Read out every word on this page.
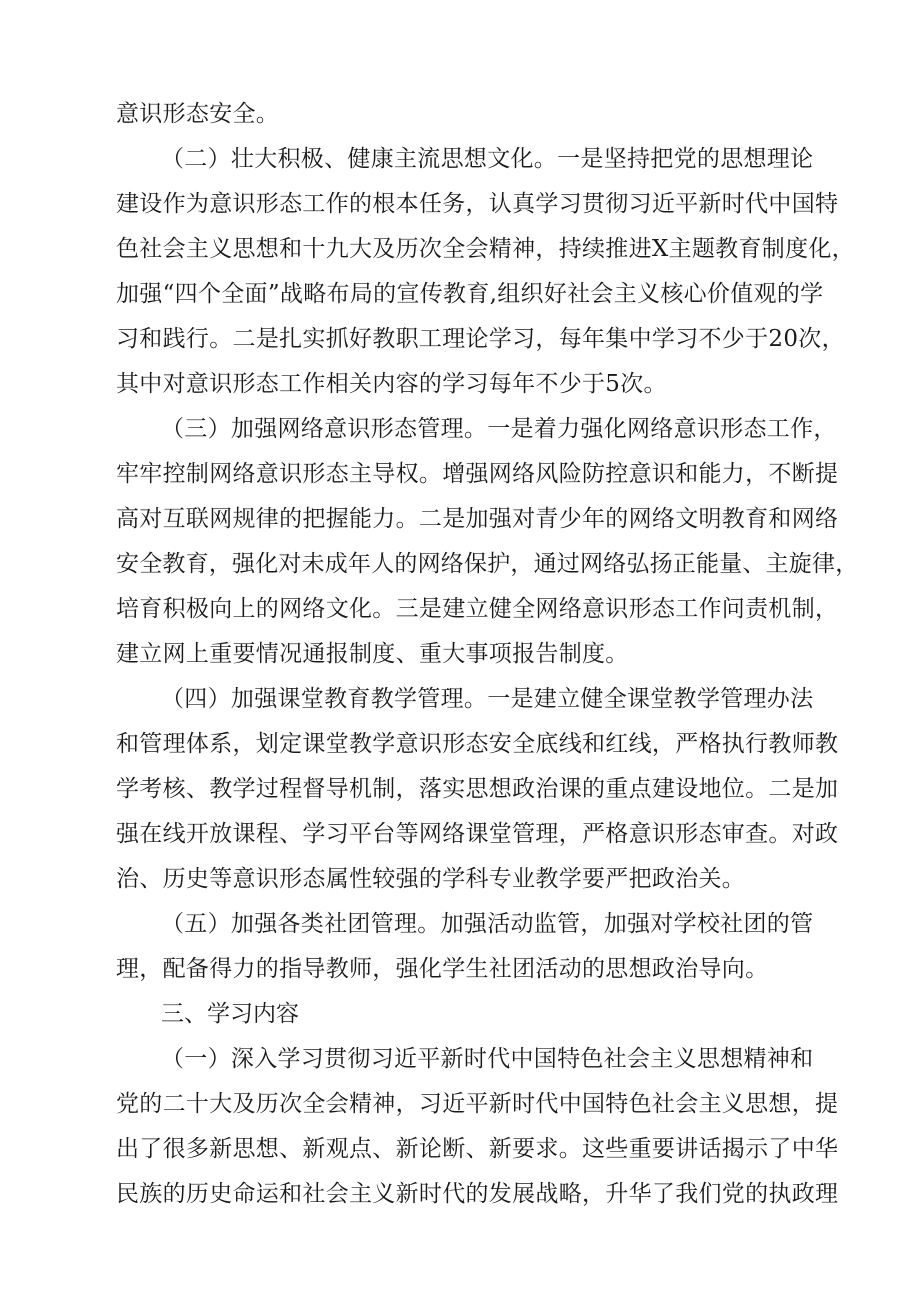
意识形态安全。
（二）壮大积极、健康主流思想文化。一是坚持把党的思想理论
建设作为意识形态工作的根本任务，认真学习贯彻习近平新时代中国特
色社会主义思想和十九大及历次全会精神，持续推进X主题教育制度化，
加强“四个全面”战略布局的宣传教育,组织好社会主义核心价值观的学
习和践行。二是扎实抓好教职工理论学习，每年集中学习不少于20次，
其中对意识形态工作相关内容的学习每年不少于5次。
（三）加强网络意识形态管理。一是着力强化网络意识形态工作，
牢牢控制网络意识形态主导权。增强网络风险防控意识和能力，不断提
高对互联网规律的把握能力。二是加强对青少年的网络文明教育和网络
安全教育，强化对未成年人的网络保护，通过网络弘扬正能量、主旋律，
培育积极向上的网络文化。三是建立健全网络意识形态工作问责机制，
建立网上重要情况通报制度、重大事项报告制度。
（四）加强课堂教育教学管理。一是建立健全课堂教学管理办法
和管理体系，划定课堂教学意识形态安全底线和红线，严格执行教师教
学考核、教学过程督导机制，落实思想政治课的重点建设地位。二是加
强在线开放课程、学习平台等网络课堂管理，严格意识形态审查。对政
治、历史等意识形态属性较强的学科专业教学要严把政治关。
（五）加强各类社团管理。加强活动监管，加强对学校社团的管
理，配备得力的指导教师，强化学生社团活动的思想政治导向。
三、学习内容
（一）深入学习贯彻习近平新时代中国特色社会主义思想精神和
党的二十大及历次全会精神，习近平新时代中国特色社会主义思想，提
出了很多新思想、新观点、新论断、新要求。这些重要讲话揭示了中华
民族的历史命运和社会主义新时代的发展战略，升华了我们党的执政理
